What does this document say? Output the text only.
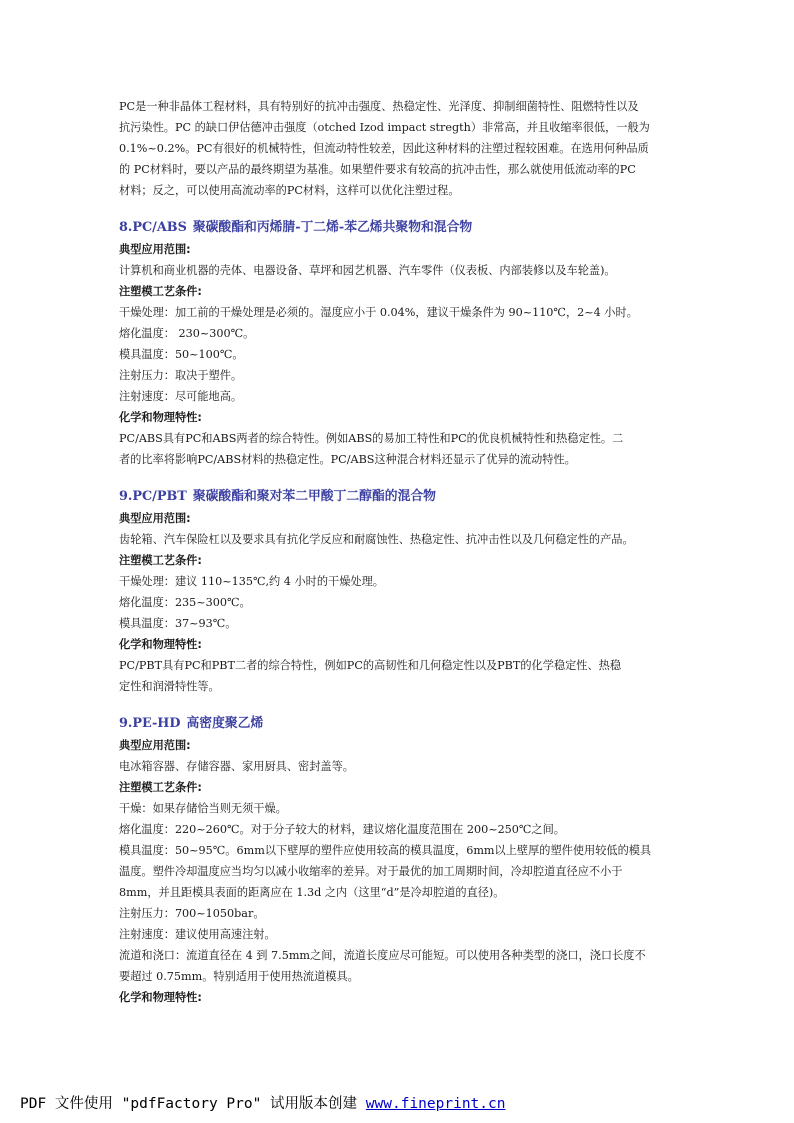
PC是一种非晶体工程材料，具有特别好的抗冲击强度、热稳定性、光泽度、抑制细菌特性、阻燃特性以及

抗污染性。PC 的缺口伊估德冲击强度（otched Izod impact stregth）非常高，并且收缩率很低，一般为

0.1%~0.2%。PC有很好的机械特性，但流动特性较差，因此这种材料的注塑过程较困难。在选用何种品质

的 PC材料时，要以产品的最终期望为基准。如果塑件要求有较高的抗冲击性，那么就使用低流动率的PC

材料；反之，可以使用高流动率的PC材料，这样可以优化注塑过程。

8.PC/ABS 聚碳酸酯和丙烯腈-丁二烯-苯乙烯共聚物和混合物

典型应用范围:

计算机和商业机器的壳体、电器设备、草坪和园艺机器、汽车零件（仪表板、内部装修以及车轮盖)。

注塑模工艺条件:

干燥处理：加工前的干燥处理是必须的。湿度应小于 0.04%，建议干燥条件为 90~110℃，2~4 小时。

熔化温度： 230~300℃。

模具温度：50~100℃。

注射压力：取决于塑件。

注射速度：尽可能地高。

化学和物理特性:

PC/ABS具有PC和ABS两者的综合特性。例如ABS的易加工特性和PC的优良机械特性和热稳定性。二

者的比率将影响PC/ABS材料的热稳定性。PC/ABS这种混合材料还显示了优异的流动特性。

9.PC/PBT 聚碳酸酯和聚对苯二甲酸丁二醇酯的混合物

典型应用范围:

齿轮箱、汽车保险杠以及要求具有抗化学反应和耐腐蚀性、热稳定性、抗冲击性以及几何稳定性的产品。

注塑模工艺条件:

干燥处理：建议 110~135℃,约 4 小时的干燥处理。

熔化温度：235~300℃。

模具温度：37~93℃。

化学和物理特性:

PC/PBT具有PC和PBT二者的综合特性，例如PC的高韧性和几何稳定性以及PBT的化学稳定性、热稳

定性和润滑特性等。

9.PE-HD 高密度聚乙烯

典型应用范围:

电冰箱容器、存储容器、家用厨具、密封盖等。

注塑模工艺条件:

干燥：如果存储恰当则无须干燥。

熔化温度：220~260℃。对于分子较大的材料，建议熔化温度范围在 200~250℃之间。

模具温度：50~95℃。6mm以下壁厚的塑件应使用较高的模具温度，6mm以上壁厚的塑件使用较低的模具

温度。塑件冷却温度应当均匀以减小收缩率的差异。对于最优的加工周期时间，冷却腔道直径应不小于

8mm，并且距模具表面的距离应在 1.3d 之内（这里“d”是冷却腔道的直径)。

注射压力：700~1050bar。

注射速度：建议使用高速注射。

流道和浇口：流道直径在 4 到 7.5mm之间，流道长度应尽可能短。可以使用各种类型的浇口，浇口长度不

要超过 0.75mm。特别适用于使用热流道模具。

化学和物理特性:

PDF 文件使用 "pdfFactory Pro" 试用版本创建 www.fineprint.cn
